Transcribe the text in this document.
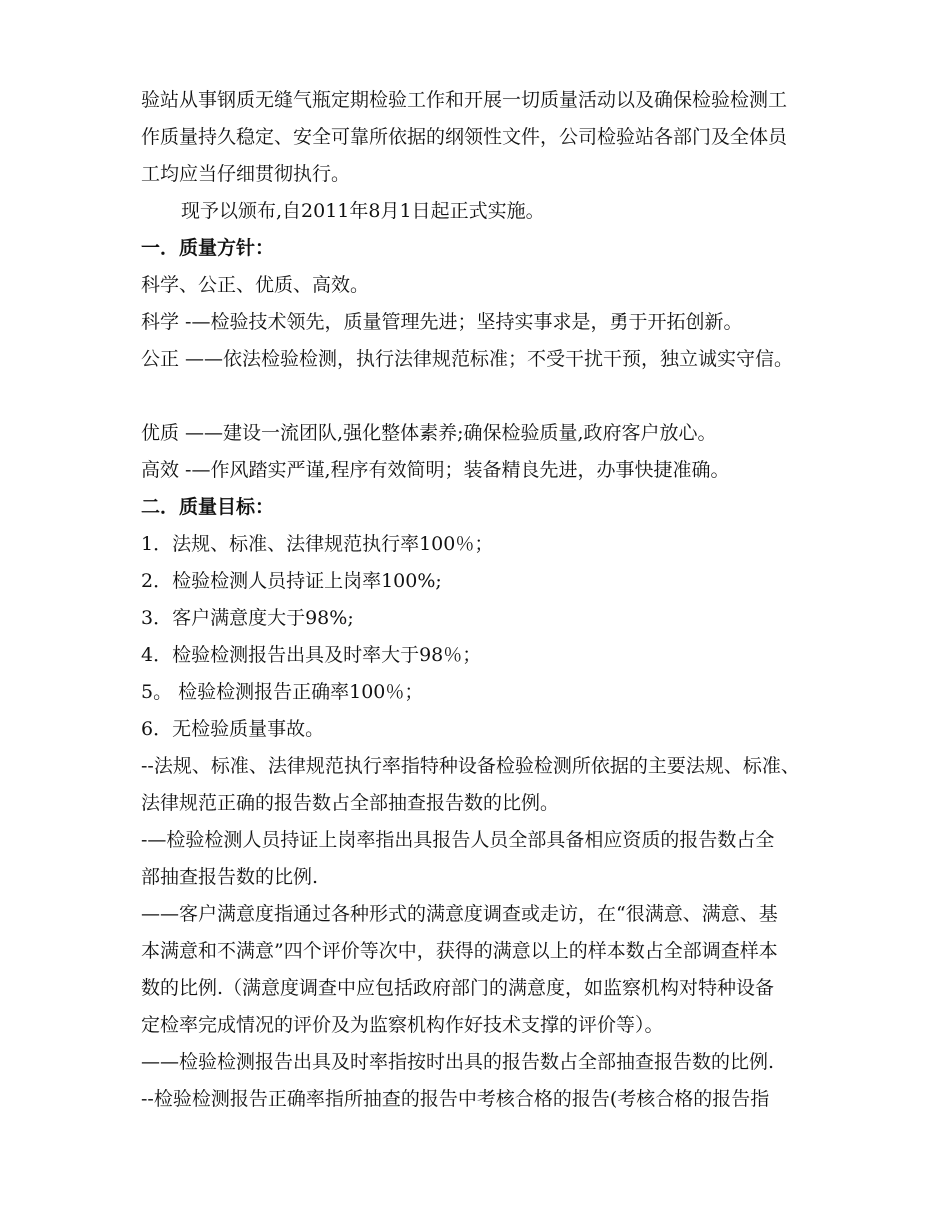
验站从事钢质无缝气瓶定期检验工作和开展一切质量活动以及确保检验检测工
作质量持久稳定、安全可靠所依据的纲领性文件，公司检验站各部门及全体员
工均应当仔细贯彻执行。
现予以颁布,自2011年8月1日起正式实施。
一．质量方针：
科学、公正、优质、高效。
科学 -—检验技术领先，质量管理先进；坚持实事求是，勇于开拓创新。
公正 ——依法检验检测，执行法律规范标准；不受干扰干预，独立诚实守信。
优质 ——建设一流团队,强化整体素养;确保检验质量,政府客户放心。
高效 -—作风踏实严谨,程序有效简明；装备精良先进，办事快捷准确。
二．质量目标：
1．法规、标准、法律规范执行率100％；
2．检验检测人员持证上岗率100%;
3．客户满意度大于98%;
4．检验检测报告出具及时率大于98％；
5。 检验检测报告正确率100％；
6．无检验质量事故。
--法规、标准、法律规范执行率指特种设备检验检测所依据的主要法规、标准、
法律规范正确的报告数占全部抽查报告数的比例。
-—检验检测人员持证上岗率指出具报告人员全部具备相应资质的报告数占全
部抽查报告数的比例.
——客户满意度指通过各种形式的满意度调查或走访，在“很满意、满意、基
本满意和不满意”四个评价等次中，获得的满意以上的样本数占全部调查样本
数的比例.（满意度调查中应包括政府部门的满意度，如监察机构对特种设备
定检率完成情况的评价及为监察机构作好技术支撑的评价等）。
——检验检测报告出具及时率指按时出具的报告数占全部抽查报告数的比例.
--检验检测报告正确率指所抽查的报告中考核合格的报告(考核合格的报告指
